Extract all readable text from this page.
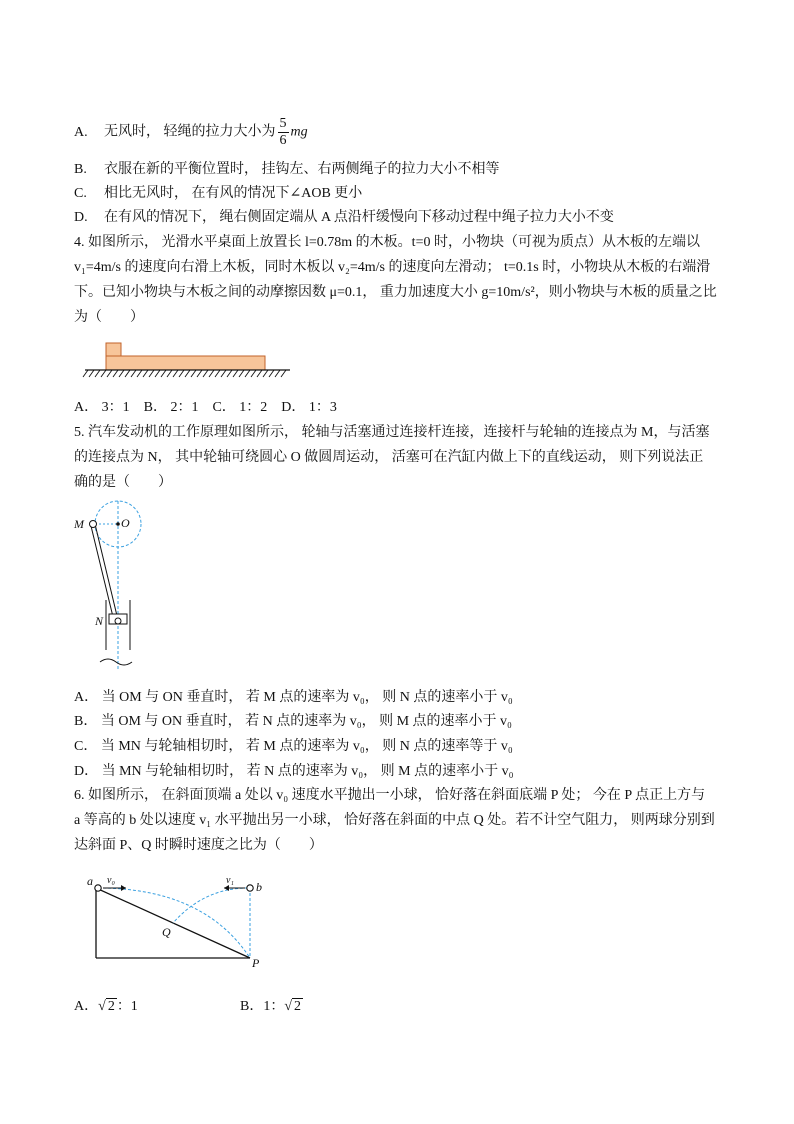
A. 无风时， 轻绳的拉力大小为 $\frac{5}{6}$ mg
B. 衣服在新的平衡位置时， 挂钩左、右两侧绳子的拉力大小不相等
C. 相比无风时， 在有风的情况下∠AOB 更小
D. 在有风的情况下， 绳右侧固定端从 A 点沿杆缓慢向下移动过程中绳子拉力大小不变
4. 如图所示， 光滑水平桌面上放置长 l=0.78m 的木板。t=0 时，小物块（可视为质点）从木板的左端以
v₁=4m/s 的速度向右滑上木板，同时木板以 v₂=4m/s 的速度向左滑动； t=0.1s 时，小物块从木板的右端滑
下。已知小物块与木板之间的动摩擦因数 μ=0.1， 重力加速度大小 g=10m/s²，则小物块与木板的质量之比
为（　　）
A． 3：1　B． 2：1　C． 1：2　D． 1：3
5. 汽车发动机的工作原理如图所示， 轮轴与活塞通过连接杆连接，连接杆与轮轴的连接点为 M，与活塞
的连接点为 N， 其中轮轴可绕圆心 O 做圆周运动， 活塞可在汽缸内做上下的直线运动， 则下列说法正
确的是（　　）
M	O
N
A． 当 OM 与 ON 垂直时， 若 M 点的速率为 v₀， 则 N 点的速率小于 v₀
B． 当 OM 与 ON 垂直时， 若 N 点的速率为 v₀， 则 M 点的速率小于 v₀
C． 当 MN 与轮轴相切时， 若 M 点的速率为 v₀， 则 N 点的速率等于 v₀
D． 当 MN 与轮轴相切时， 若 N 点的速率为 v₀， 则 M 点的速率小于 v₀
6. 如图所示， 在斜面顶端 a 处以 v₀ 速度水平抛出一小球， 恰好落在斜面底端 P 处； 今在 P 点正上方与
a 等高的 b 处以速度 v₁ 水平抛出另一小球， 恰好落在斜面的中点 Q 处。若不计空气阻力， 则两球分别到
达斜面 P、Q 时瞬时速度之比为（　　）
a	b
v₀	v₁
Q
P
A．√ 2 ：1	B．1：√ 2
